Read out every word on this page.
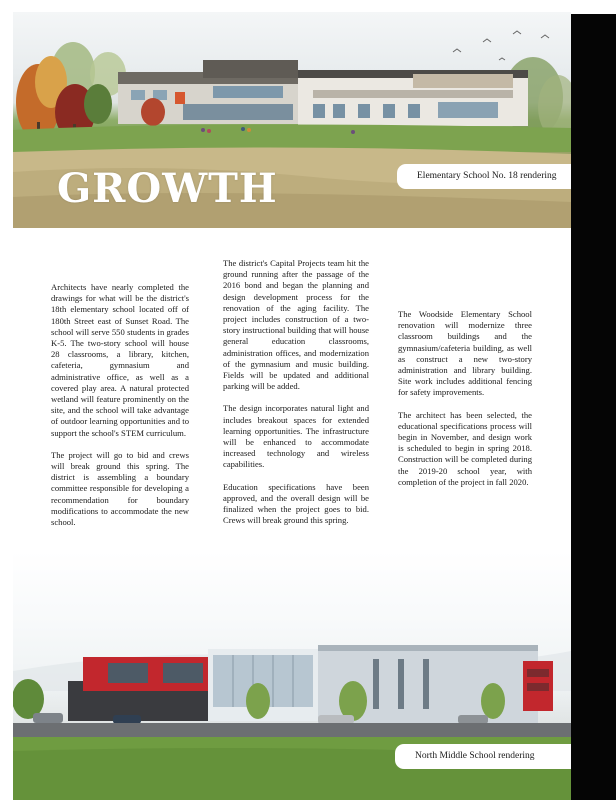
GROWTH	Elementary School No. 18 rendering
North Middle School rendering

Architects have nearly completed the drawings for what will be the district's 18th elementary school located off of 180th Street east of Sunset Road. The school will serve 550 students in grades K-5. The two-story school will house 28 classrooms, a library, kitchen, cafeteria, gymnasium and administrative office, as well as a covered play area. A natural protected wetland will feature prominently on the site, and the school will take advantage of outdoor learning opportunities and to support the school's STEM curriculum.

The project will go to bid and crews will break ground this spring. The district is assembling a boundary committee responsible for developing a recommendation for boundary modifications to accommodate the new school.

The district's Capital Projects team hit the ground running after the passage of the 2016 bond and began the planning and design development process for the renovation of the aging facility. The project includes construction of a two-story instructional building that will house general education classrooms, administration offices, and modernization of the gymnasium and music building. Fields will be updated and additional parking will be added.

The design incorporates natural light and includes breakout spaces for extended learning opportunities. The infrastructure will be enhanced to accommodate increased technology and wireless capabilities.

Education specifications have been approved, and the overall design will be finalized when the project goes to bid. Crews will break ground this spring.

The Woodside Elementary School renovation will modernize three classroom buildings and the gymnasium/cafeteria building, as well as construct a new two-story administration and library building. Site work includes additional fencing for safety improvements.

The architect has been selected, the educational specifications process will begin in November, and design work is scheduled to begin in spring 2018. Construction will be completed during the 2019-20 school year, with completion of the project in fall 2020.
